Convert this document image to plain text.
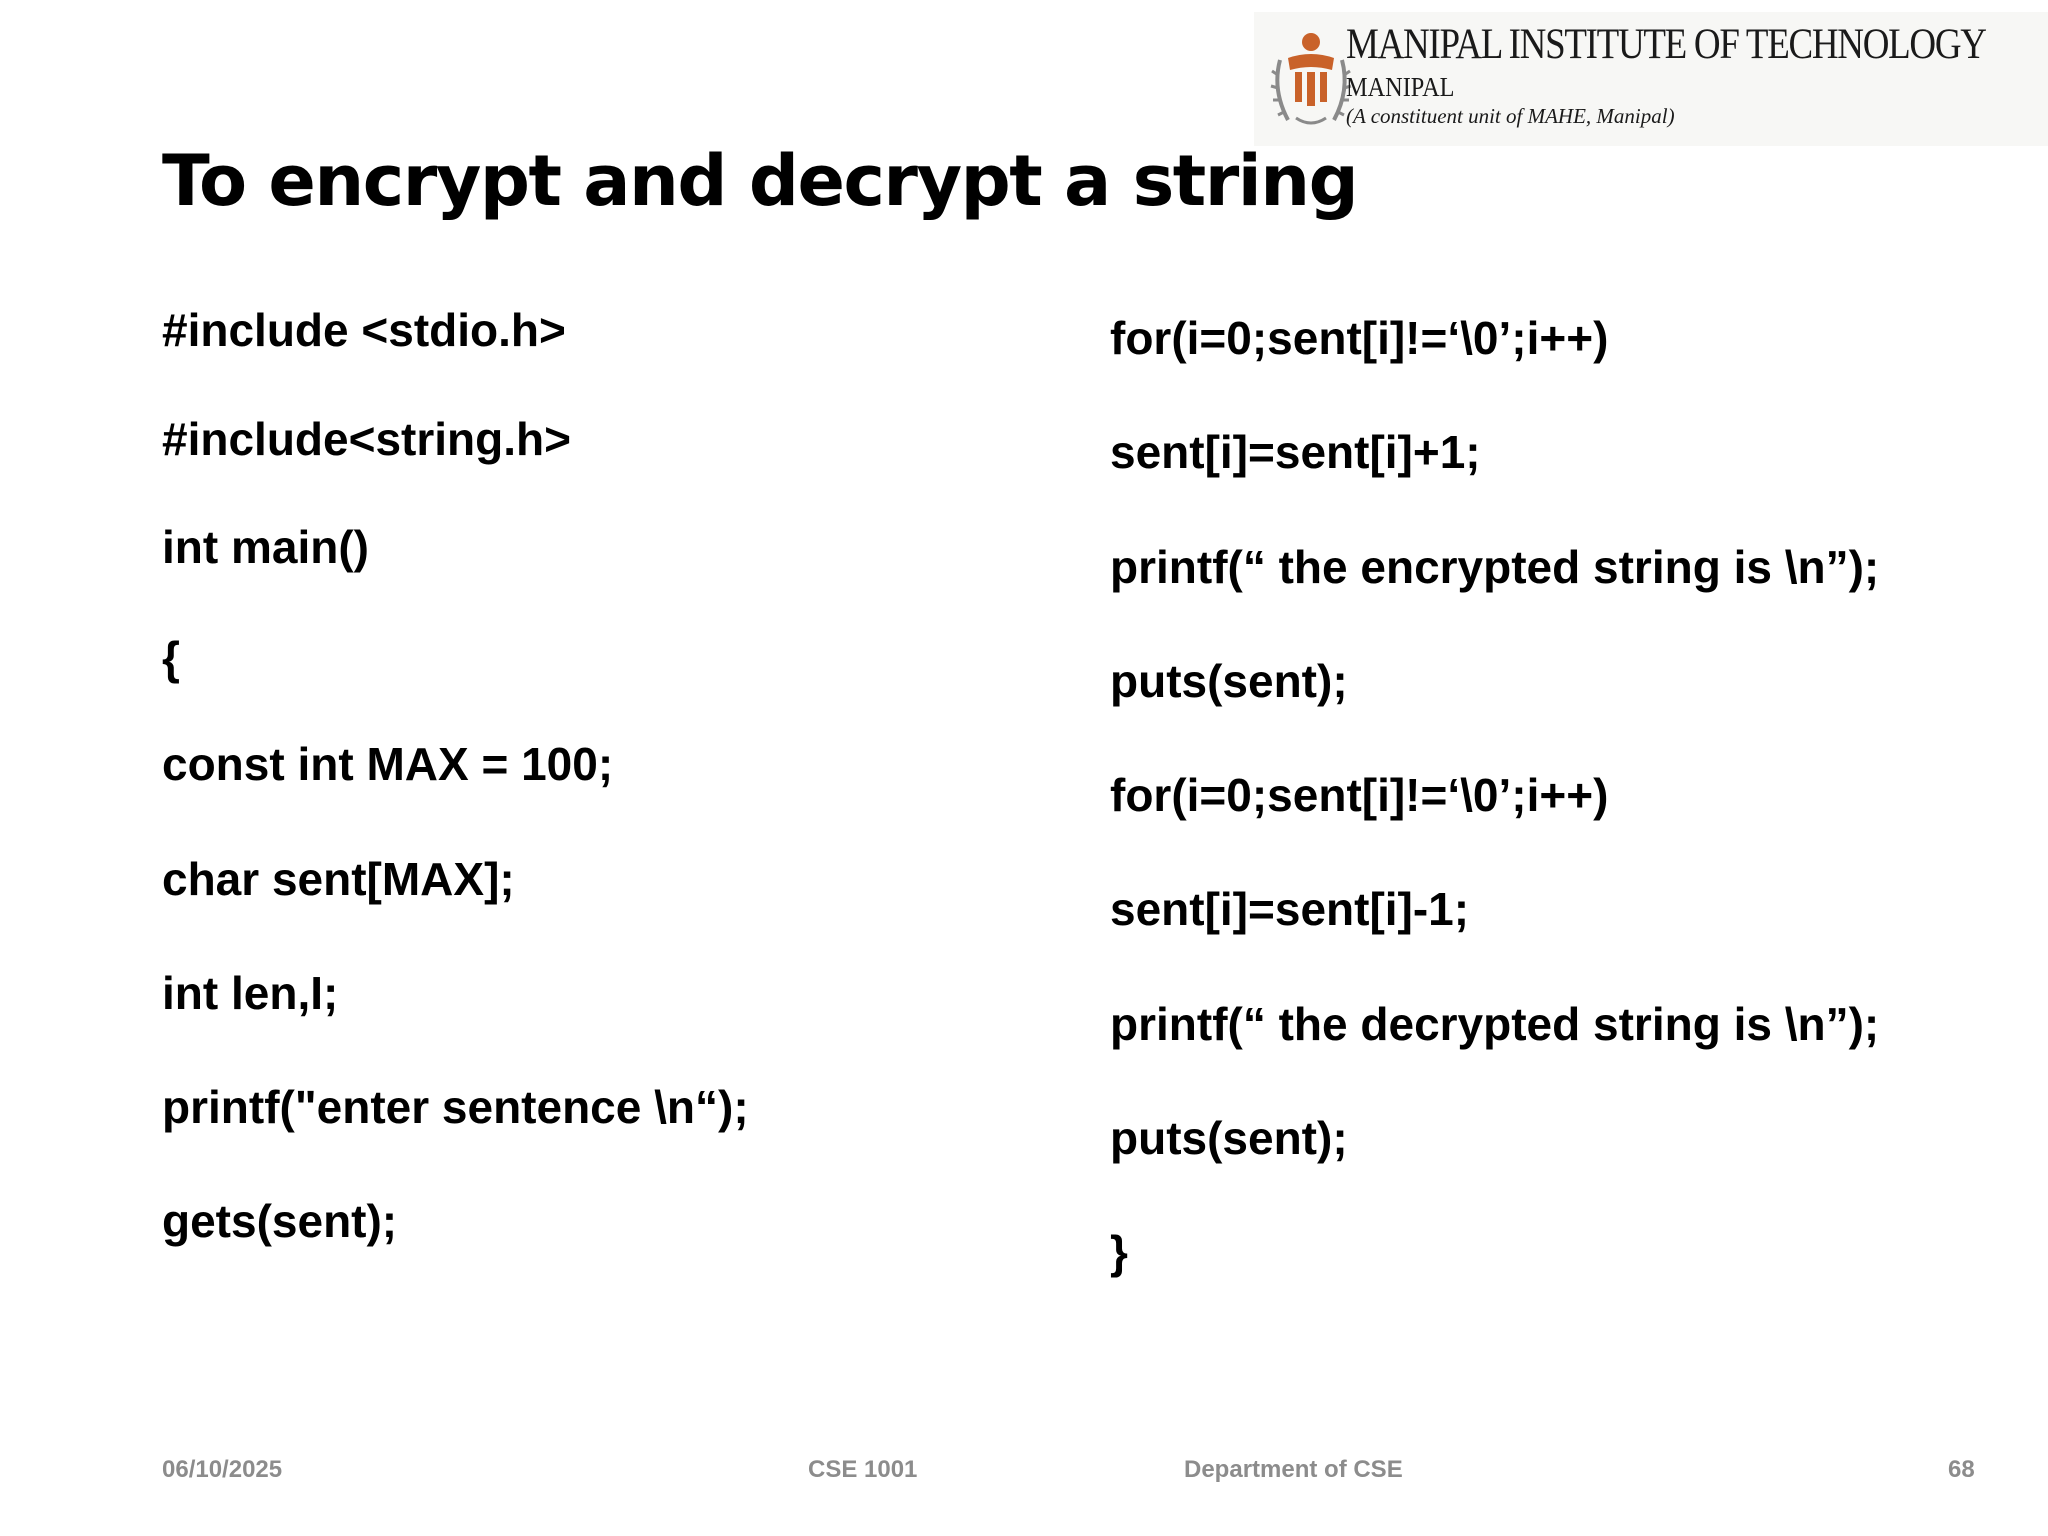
MANIPAL INSTITUTE OF TECHNOLOGY
MANIPAL
(A constituent unit of MAHE, Manipal)
To encrypt and decrypt a string
#include <stdio.h>
#include<string.h>
int main()
{
const int MAX = 100;
char sent[MAX];
int len,I;
printf("enter sentence \n“);
gets(sent);
for(i=0;sent[i]!=‘\0’;i++)
sent[i]=sent[i]+1;
printf(“ the encrypted string is \n”);
puts(sent);
for(i=0;sent[i]!=‘\0’;i++)
sent[i]=sent[i]-1;
printf(“ the decrypted string is \n”);
puts(sent);
}
06/10/2025	CSE 1001	Department of CSE	68
